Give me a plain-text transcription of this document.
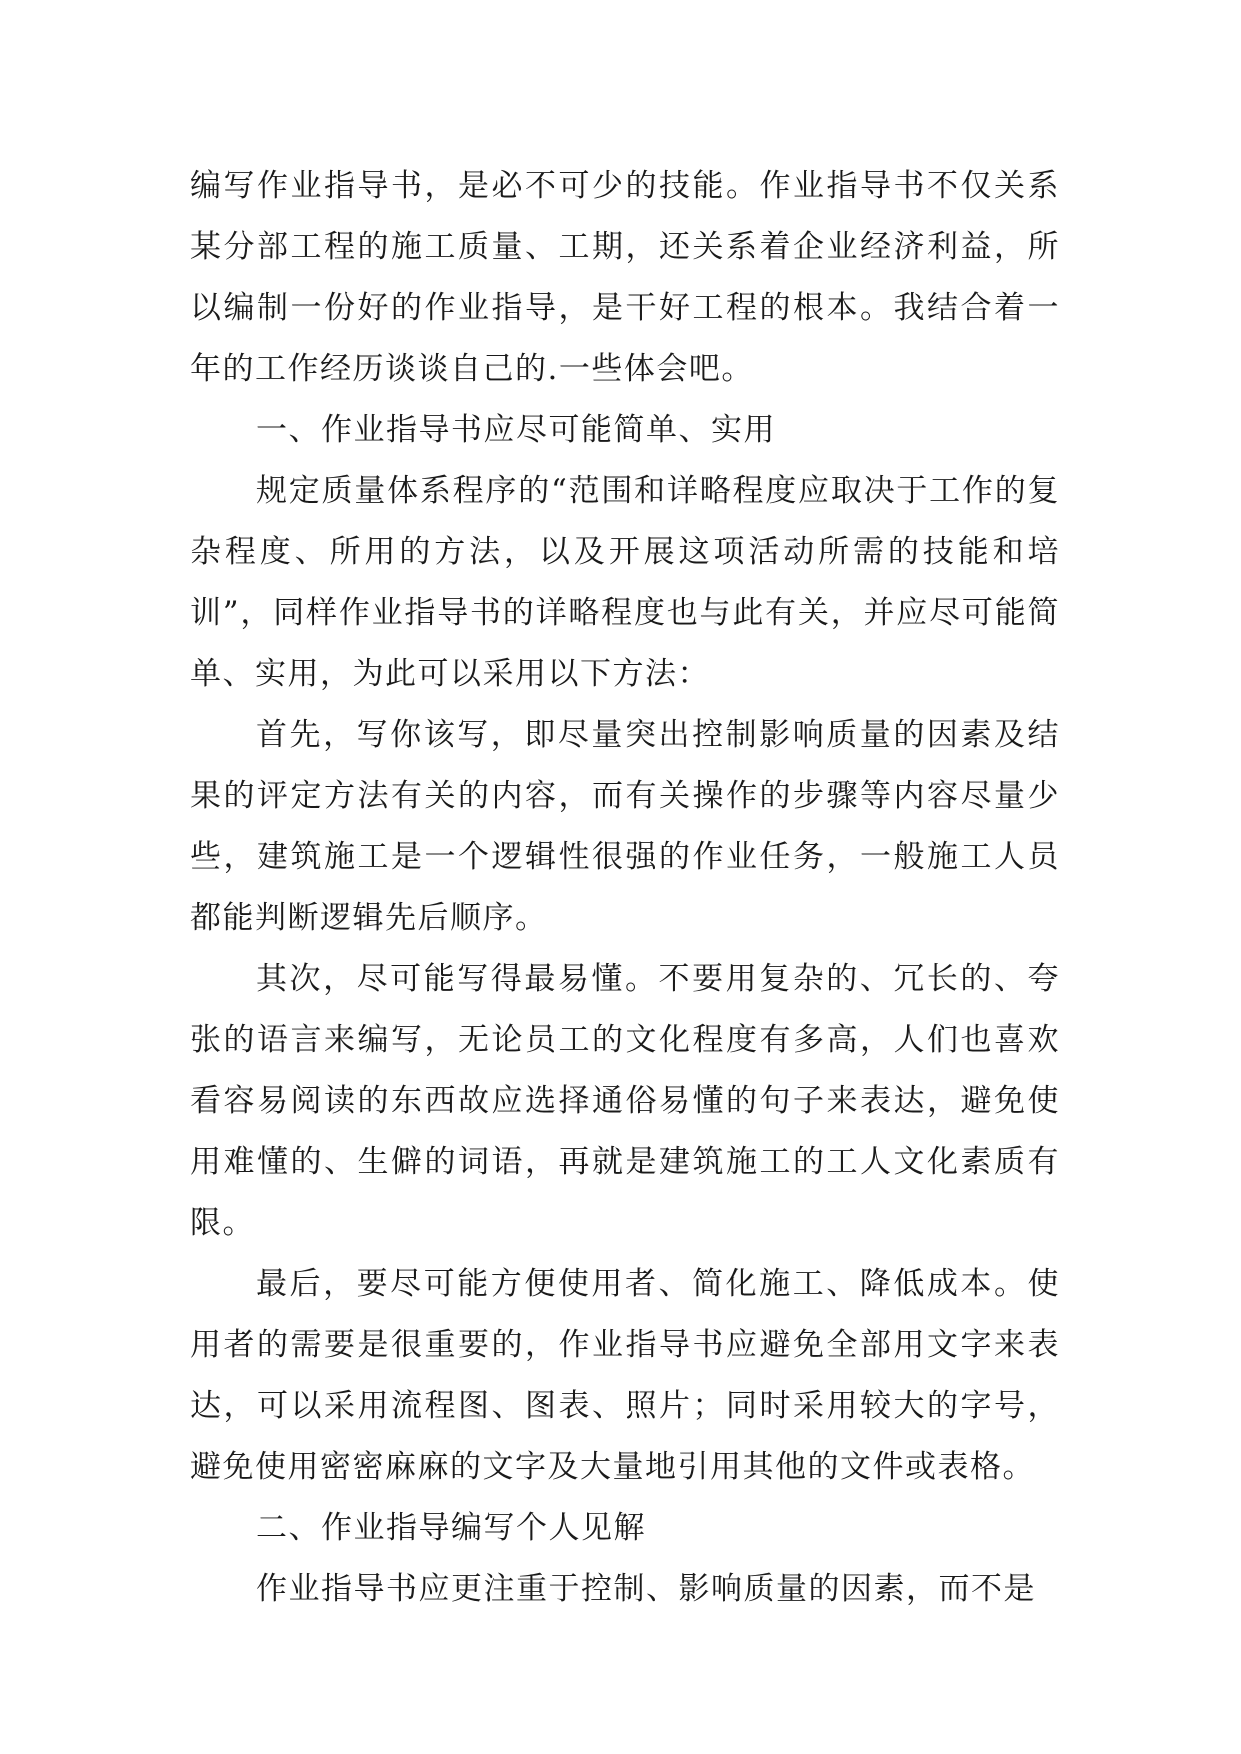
编写作业指导书，是必不可少的技能。作业指导书不仅关系某分部工程的施工质量、工期，还关系着企业经济利益，所以编制一份好的作业指导，是干好工程的根本。我结合着一年的工作经历谈谈自己的.一些体会吧。

一、作业指导书应尽可能简单、实用

规定质量体系程序的“范围和详略程度应取决于工作的复杂程度、所用的方法，以及开展这项活动所需的技能和培训”，同样作业指导书的详略程度也与此有关，并应尽可能简单、实用，为此可以采用以下方法：

首先，写你该写，即尽量突出控制影响质量的因素及结果的评定方法有关的内容，而有关操作的步骤等内容尽量少些，建筑施工是一个逻辑性很强的作业任务，一般施工人员都能判断逻辑先后顺序。

其次，尽可能写得最易懂。不要用复杂的、冗长的、夸张的语言来编写，无论员工的文化程度有多高，人们也喜欢看容易阅读的东西故应选择通俗易懂的句子来表达，避免使用难懂的、生僻的词语，再就是建筑施工的工人文化素质有限。

最后，要尽可能方便使用者、简化施工、降低成本。使用者的需要是很重要的，作业指导书应避免全部用文字来表达，可以采用流程图、图表、照片；同时采用较大的字号，避免使用密密麻麻的文字及大量地引用其他的文件或表格。

二、作业指导编写个人见解

作业指导书应更注重于控制、影响质量的因素，而不是
